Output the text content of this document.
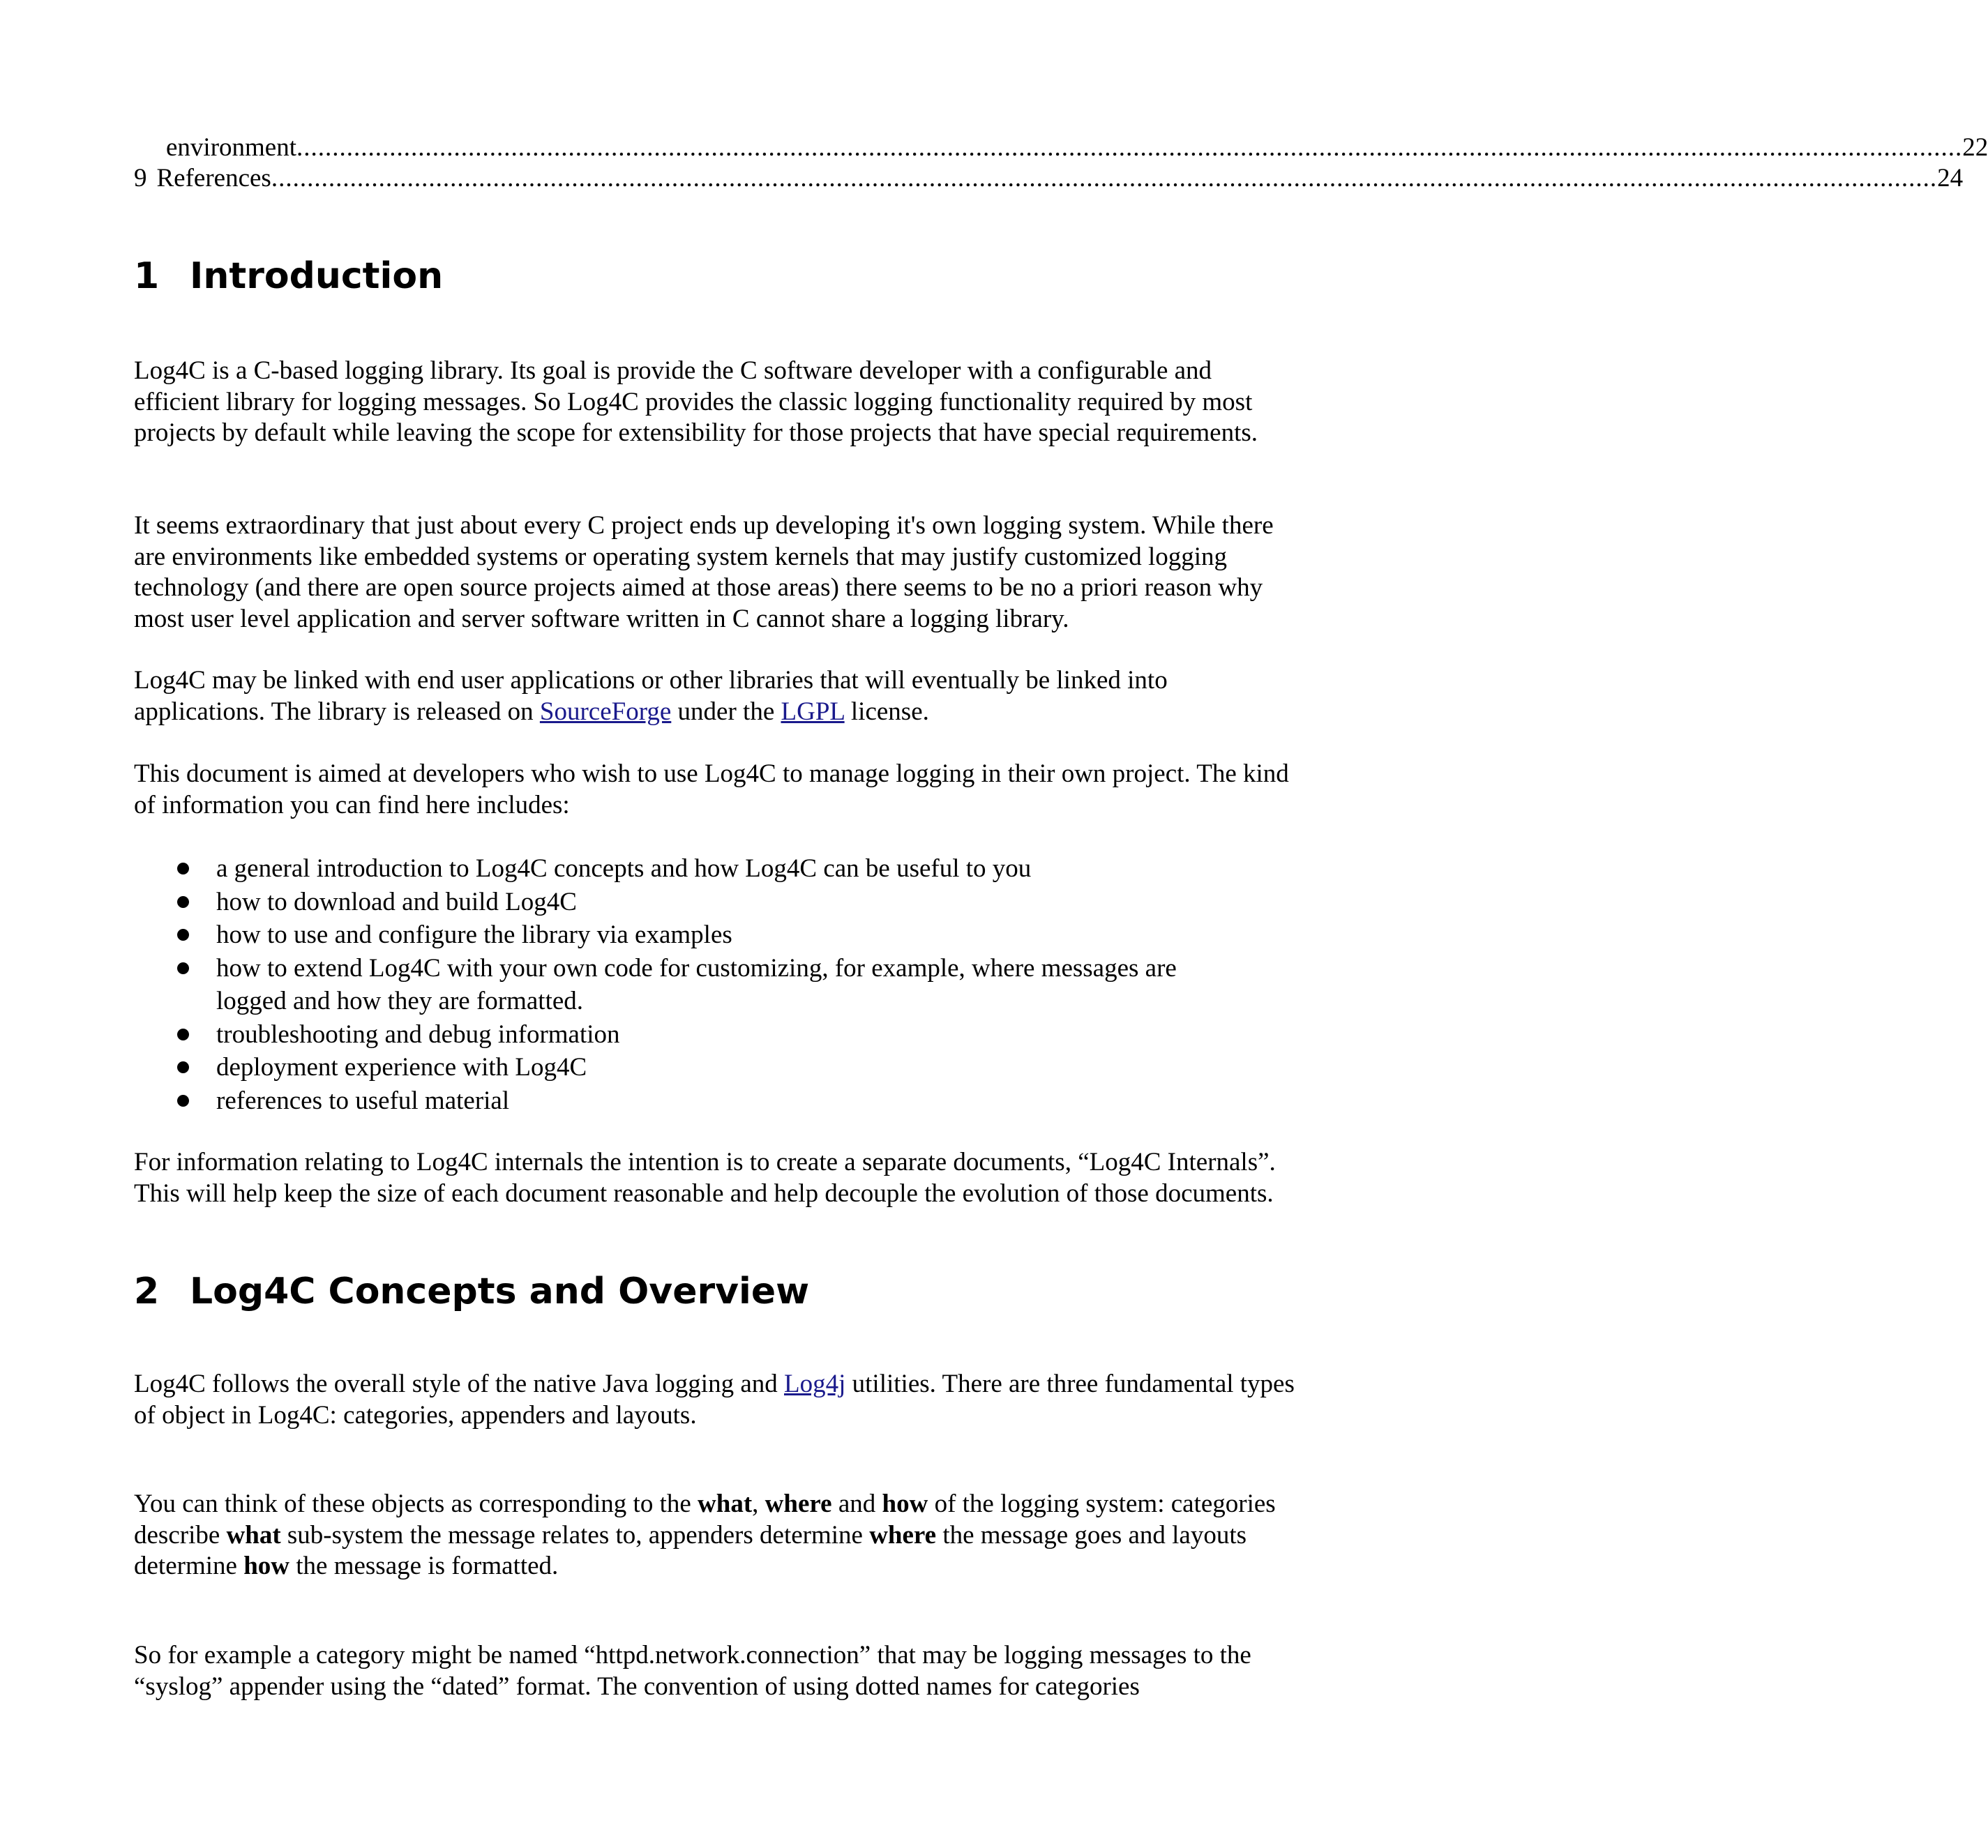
environment ......................................................................................................................................................................................................................................... 22
9 References ......................................................................................................................................................................................................................................... 24
1 Introduction

Log4C is a C-based logging library. Its goal is provide the C software developer with a configurable and efficient library for logging messages. So Log4C provides the classic logging functionality required by most projects by default while leaving the scope for extensibility for those projects that have special requirements.

It seems extraordinary that just about every C project ends up developing it's own logging system. While there are environments like embedded systems or operating system kernels that may justify customized logging technology (and there are open source projects aimed at those areas) there seems to be no a priori reason why most user level application and server software written in C cannot share a logging library.

Log4C may be linked with end user applications or other libraries that will eventually be linked into applications. The library is released on SourceForge under the LGPL license.

This document is aimed at developers who wish to use Log4C to manage logging in their own project. The kind of information you can find here includes:

a general introduction to Log4C concepts and how Log4C can be useful to you
how to download and build Log4C
how to use and configure the library via examples
how to extend Log4C with your own code for customizing, for example, where messages are
logged and how they are formatted.
troubleshooting and debug information
deployment experience with Log4C
references to useful material

For information relating to Log4C internals the intention is to create a separate documents, “Log4C Internals”. This will help keep the size of each document reasonable and help decouple the evolution of those documents.

2 Log4C Concepts and Overview

Log4C follows the overall style of the native Java logging and Log4j utilities. There are three fundamental types of object in Log4C: categories, appenders and layouts.

You can think of these objects as corresponding to the what, where and how of the logging system: categories describe what sub-system the message relates to, appenders determine where the message goes and layouts determine how the message is formatted.

So for example a category might be named “httpd.network.connection” that may be logging messages to the “syslog” appender using the “dated” format. The convention of using dotted names for categories
